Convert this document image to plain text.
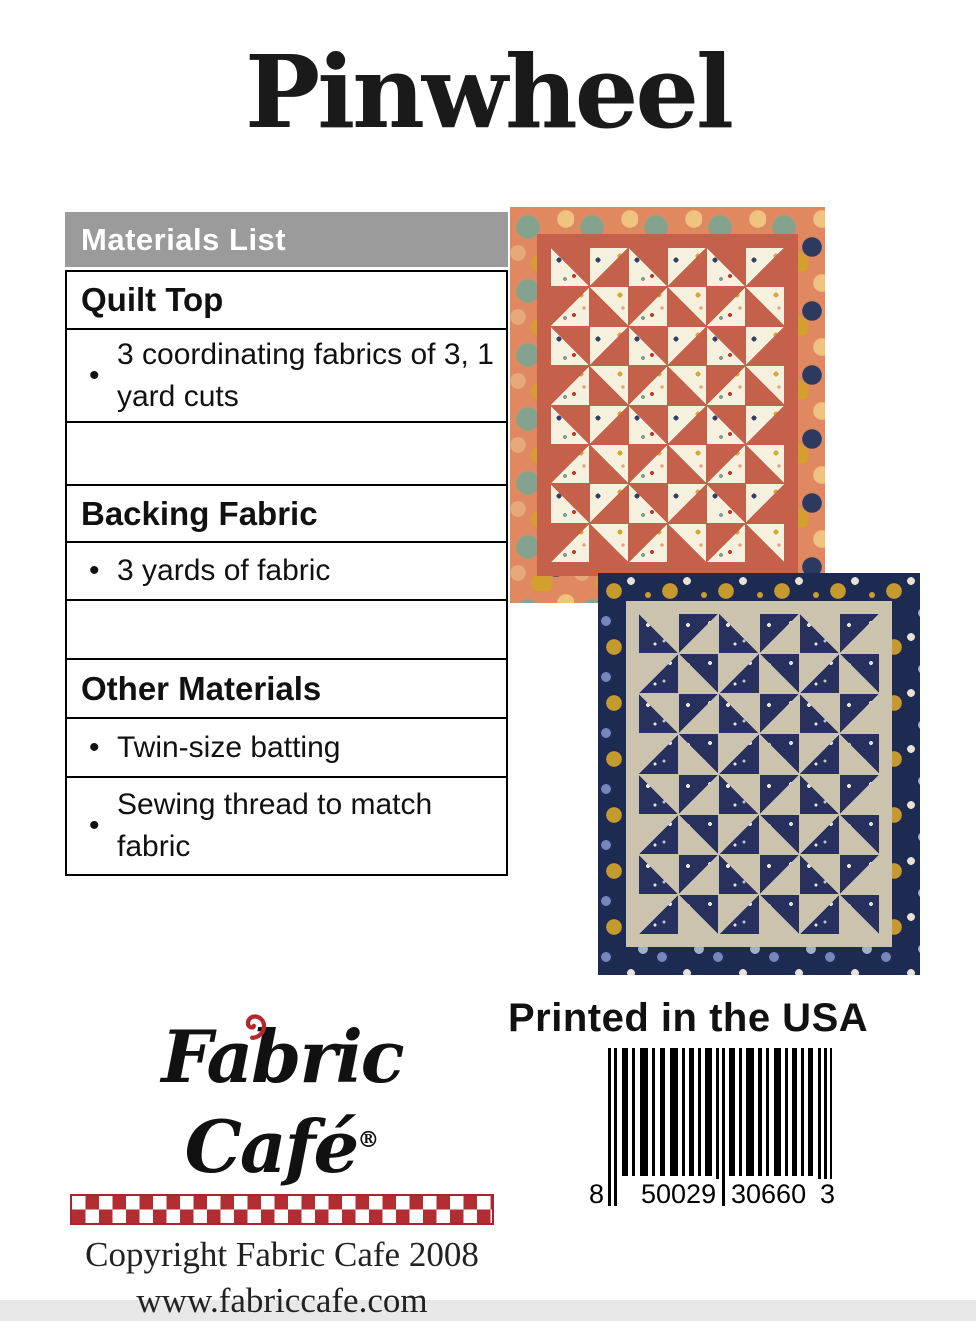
Pinwheel
Materials List
Quilt Top
• 3 coordinating fabrics of 3, 1 yard cuts
Backing Fabric
• 3 yards of fabric
Other Materials
• Twin-size batting
• Sewing thread to match fabric
Printed in the USA
8 50029 30660 3
Fabric Café®
Copyright Fabric Cafe 2008
www.fabriccafe.com
